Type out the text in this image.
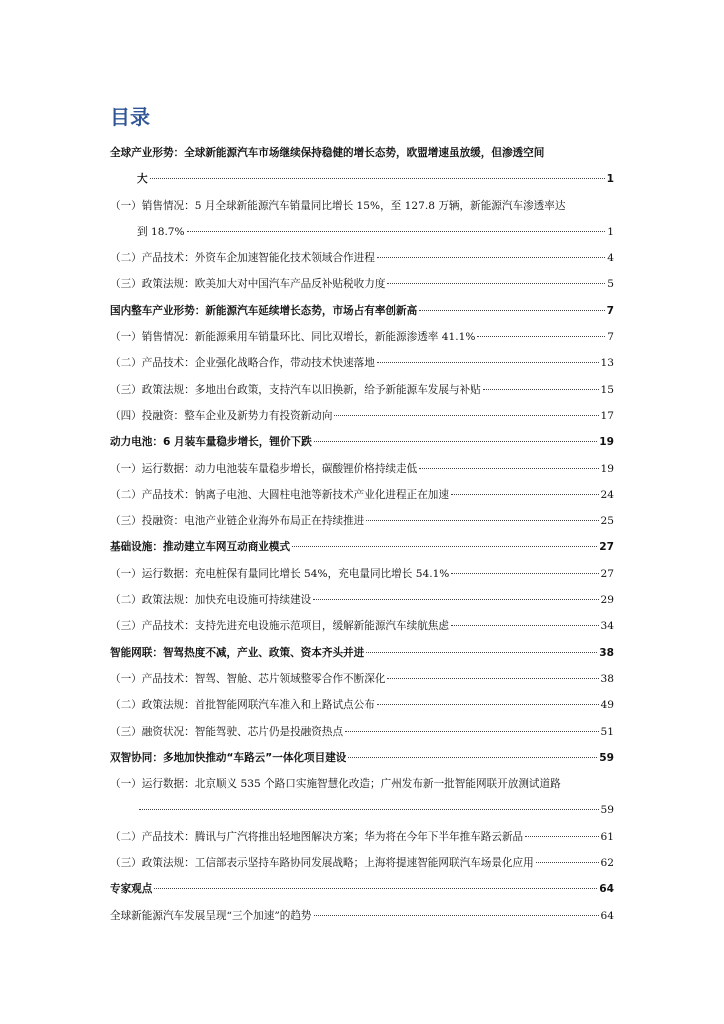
目录
全球产业形势：全球新能源汽车市场继续保持稳健的增长态势，欧盟增速虽放缓，但渗透空间
大	1
（一）销售情况：5 月全球新能源汽车销量同比增长 15%，至 127.8 万辆，新能源汽车渗透率达
到 18.7%	1
（二）产品技术：外资车企加速智能化技术领域合作进程	4
（三）政策法规：欧美加大对中国汽车产品反补贴税收力度	5
国内整车产业形势：新能源汽车延续增长态势，市场占有率创新高	7
（一）销售情况：新能源乘用车销量环比、同比双增长，新能源渗透率 41.1%	7
（二）产品技术：企业强化战略合作，带动技术快速落地	13
（三）政策法规：多地出台政策，支持汽车以旧换新，给予新能源车发展与补贴	15
（四）投融资：整车企业及新势力有投资新动向	17
动力电池：6 月装车量稳步增长，锂价下跌	19
（一）运行数据：动力电池装车量稳步增长，碳酸锂价格持续走低	19
（二）产品技术：钠离子电池、大圆柱电池等新技术产业化进程正在加速	24
（三）投融资：电池产业链企业海外布局正在持续推进	25
基础设施：推动建立车网互动商业模式	27
（一）运行数据：充电桩保有量同比增长 54%，充电量同比增长 54.1%	27
（二）政策法规：加快充电设施可持续建设	29
（三）产品技术：支持先进充电设施示范项目，缓解新能源汽车续航焦虑	34
智能网联：智驾热度不减，产业、政策、资本齐头并进	38
（一）产品技术：智驾、智舱、芯片领域整零合作不断深化	38
（二）政策法规：首批智能网联汽车准入和上路试点公布	49
（三）融资状况：智能驾驶、芯片仍是投融资热点	51
双智协同：多地加快推动“车路云”一体化项目建设	59
（一）运行数据：北京顺义 535 个路口实施智慧化改造；广州发布新一批智能网联开放测试道路
59
（二）产品技术：腾讯与广汽将推出轻地图解决方案；华为将在今年下半年推车路云新品	61
（三）政策法规：工信部表示坚持车路协同发展战略；上海将提速智能网联汽车场景化应用	62
专家观点	64
全球新能源汽车发展呈现“三个加速”的趋势	64
